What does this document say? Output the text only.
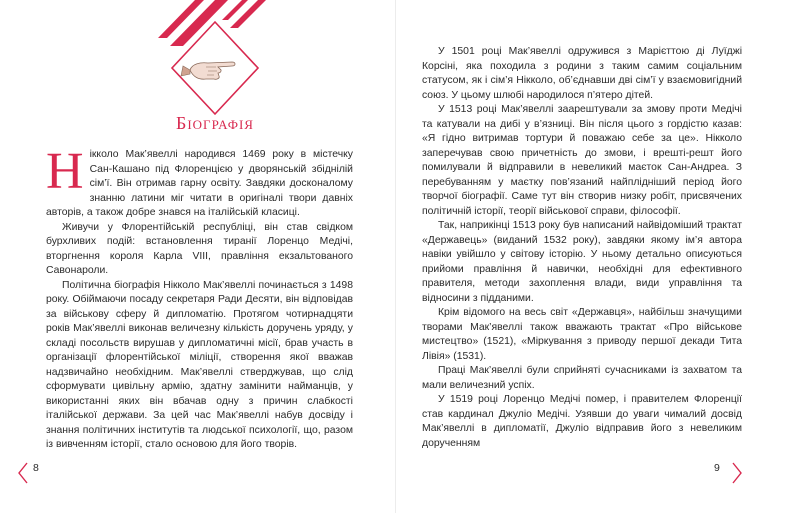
Біографія

Нікколо Мак’явеллі народився 1469 року в містечку Сан-Кашано під Флоренцією у дворянській збіднілій сім’ї. Він отримав гарну освіту. Завдяки досконалому знанню латини міг читати в оригіналі твори давніх авторів, а також добре знався на італійській класиці.

Живучи у Флорентійській республіці, він став свідком бурхливих подій: встановлення тиранії Лоренцо Медічі, вторгнення короля Карла VIII, правління екзальтованого Савонароли.

Політична біографія Нікколо Мак’явеллі починається з 1498 року. Обіймаючи посаду секретаря Ради Десяти, він відповідав за військову сферу й дипломатію. Протягом чотирнадцяти років Мак’явеллі виконав величезну кількість доручень уряду, у складі посольств вирушав у дипломатичні місії, брав участь в організації флорентійської міліції, створення якої вважав надзвичайно необхідним. Мак’явеллі стверджував, що слід сформувати цивільну армію, здатну замінити найманців, у використанні яких він вбачав одну з причин слабкості італійської держави. За цей час Мак’явеллі набув досвіду і знання політичних інститутів та людської психології, що, разом із вивченням історії, стало основою для його творів.

8

У 1501 році Мак’явеллі одружився з Марієттою ді Луїджі Корсіні, яка походила з родини з таким самим соціальним статусом, як і сім’я Нікколо, об’єднавши дві сім’ї у взаємовигідний союз. У цьому шлюбі народилося п’ятеро дітей.

У 1513 році Мак’явеллі заарештували за змову проти Медічі та катували на дибі у в’язниці. Він після цього з гордістю казав: «Я гідно витримав тортури й поважаю себе за це». Нікколо заперечував свою причетність до змови, і врешті-решт його помилували й відправили в невеликий маєток Сан-Андреа. З перебуванням у маєтку пов’язаний найплідніший період його творчої біографії. Саме тут він створив низку робіт, присвячених політичній історії, теорії військової справи, філософії.

Так, наприкінці 1513 року був написаний найвідоміший трактат «Державець» (виданий 1532 року), завдяки якому ім’я автора навіки увійшло у світову історію. У ньому детально описуються прийоми правління й навички, необхідні для ефективного правителя, методи захоплення влади, види управління та відносини з підданими.

Крім відомого на весь світ «Державця», найбільш значущими творами Мак’явеллі також вважають трактат «Про військове мистецтво» (1521), «Міркування з приводу першої декади Тита Лівія» (1531).

Праці Мак’явеллі були сприйняті сучасниками із захватом та мали величезний успіх.

У 1519 році Лоренцо Медічі помер, і правителем Флоренції став кардинал Джуліо Медічі. Узявши до уваги чималий досвід Мак’явеллі в дипломатії, Джуліо відправив його з невеликим дорученням

9
